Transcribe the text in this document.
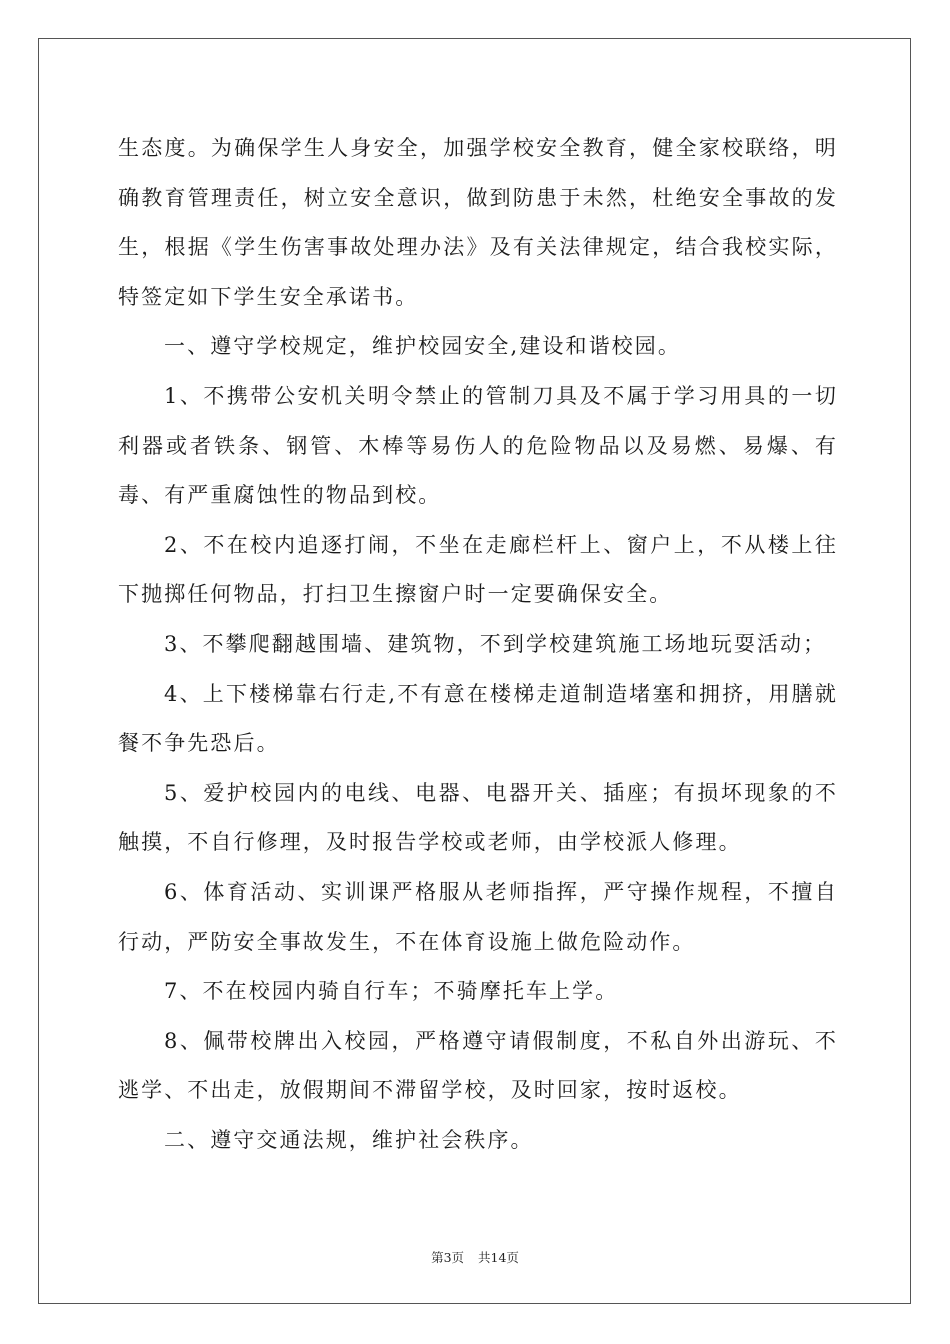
生态度。为确保学生人身安全，加强学校安全教育，健全家校联络，明确教育管理责任，树立安全意识，做到防患于未然，杜绝安全事故的发生，根据《学生伤害事故处理办法》及有关法律规定，结合我校实际，特签定如下学生安全承诺书。

一、遵守学校规定，维护校园安全,建设和谐校园。

1、不携带公安机关明令禁止的管制刀具及不属于学习用具的一切利器或者铁条、钢管、木棒等易伤人的危险物品以及易燃、易爆、有毒、有严重腐蚀性的物品到校。

2、不在校内追逐打闹，不坐在走廊栏杆上、窗户上，不从楼上往下抛掷任何物品，打扫卫生擦窗户时一定要确保安全。

3、不攀爬翻越围墙、建筑物，不到学校建筑施工场地玩耍活动；

4、上下楼梯靠右行走,不有意在楼梯走道制造堵塞和拥挤，用膳就餐不争先恐后。

5、爱护校园内的电线、电器、电器开关、插座；有损坏现象的不触摸，不自行修理，及时报告学校或老师，由学校派人修理。

6、体育活动、实训课严格服从老师指挥，严守操作规程，不擅自行动，严防安全事故发生，不在体育设施上做危险动作。

7、不在校园内骑自行车；不骑摩托车上学。

8、佩带校牌出入校园，严格遵守请假制度，不私自外出游玩、不逃学、不出走，放假期间不滞留学校，及时回家，按时返校。

二、遵守交通法规，维护社会秩序。

第3页 共14页
